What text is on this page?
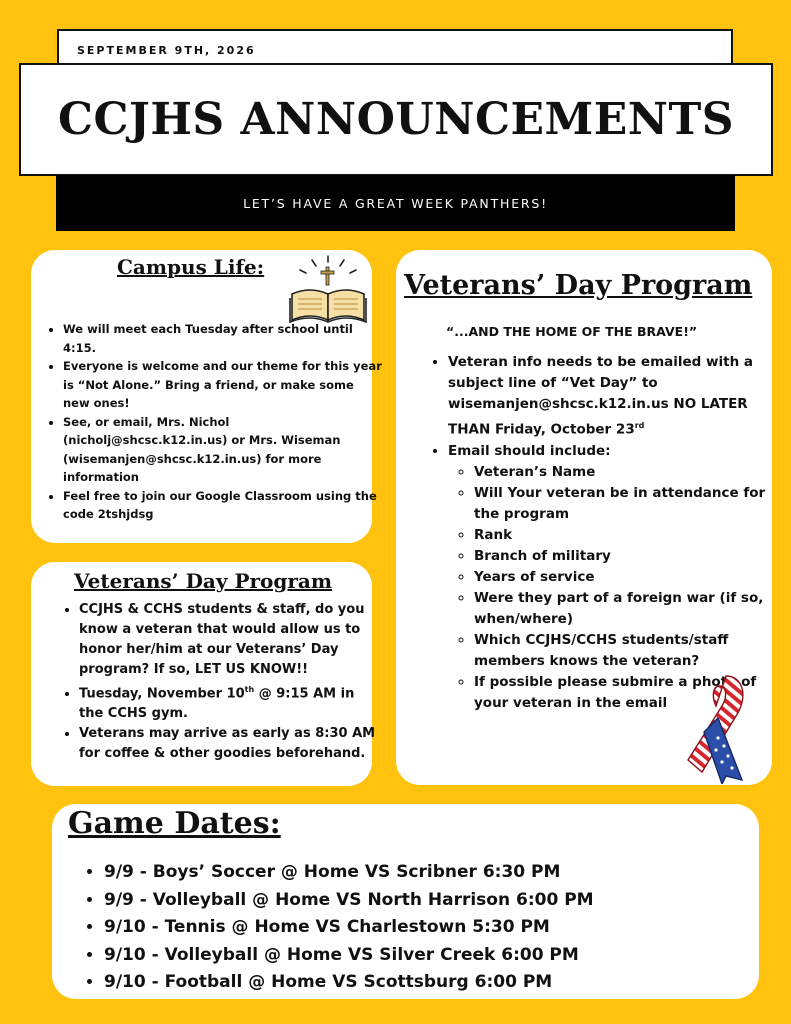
SEPTEMBER 9TH, 2026
CCJHS ANNOUNCEMENTS
LET’S HAVE A GREAT WEEK PANTHERS!
Campus Life:
• We will meet each Tuesday after school until 4:15.
• Everyone is welcome and our theme for this year is “Not Alone.” Bring a friend, or make some new ones!
• See, or email, Mrs. Nichol (nicholj@shcsc.k12.in.us) or Mrs. Wiseman (wisemanjen@shcsc.k12.in.us) for more information
• Feel free to join our Google Classroom using the code 2tshjdsg
Veterans’ Day Program
• CCJHS & CCHS students & staff, do you know a veteran that would allow us to honor her/him at our Veterans’ Day program? If so, LET US KNOW!!
• Tuesday, November 10th @ 9:15 AM in the CCHS gym.
• Veterans may arrive as early as 8:30 AM for coffee & other goodies beforehand.
Veterans’ Day Program
“...AND THE HOME OF THE BRAVE!”
• Veteran info needs to be emailed with a subject line of “Vet Day” to wisemanjen@shcsc.k12.in.us NO LATER THAN Friday, October 23rd
• Email should include:
◦ Veteran’s Name
◦ Will Your veteran be in attendance for the program
◦ Rank
◦ Branch of military
◦ Years of service
◦ Were they part of a foreign war (if so, when/where)
◦ Which CCJHS/CCHS students/staff members knows the veteran?
◦ If possible please submire a photo of your veteran in the email
Game Dates:
• 9/9 - Boys’ Soccer @ Home VS Scribner 6:30 PM
• 9/9 - Volleyball @ Home VS North Harrison 6:00 PM
• 9/10 - Tennis @ Home VS Charlestown 5:30 PM
• 9/10 - Volleyball @ Home VS Silver Creek 6:00 PM
• 9/10 - Football @ Home VS Scottsburg 6:00 PM
